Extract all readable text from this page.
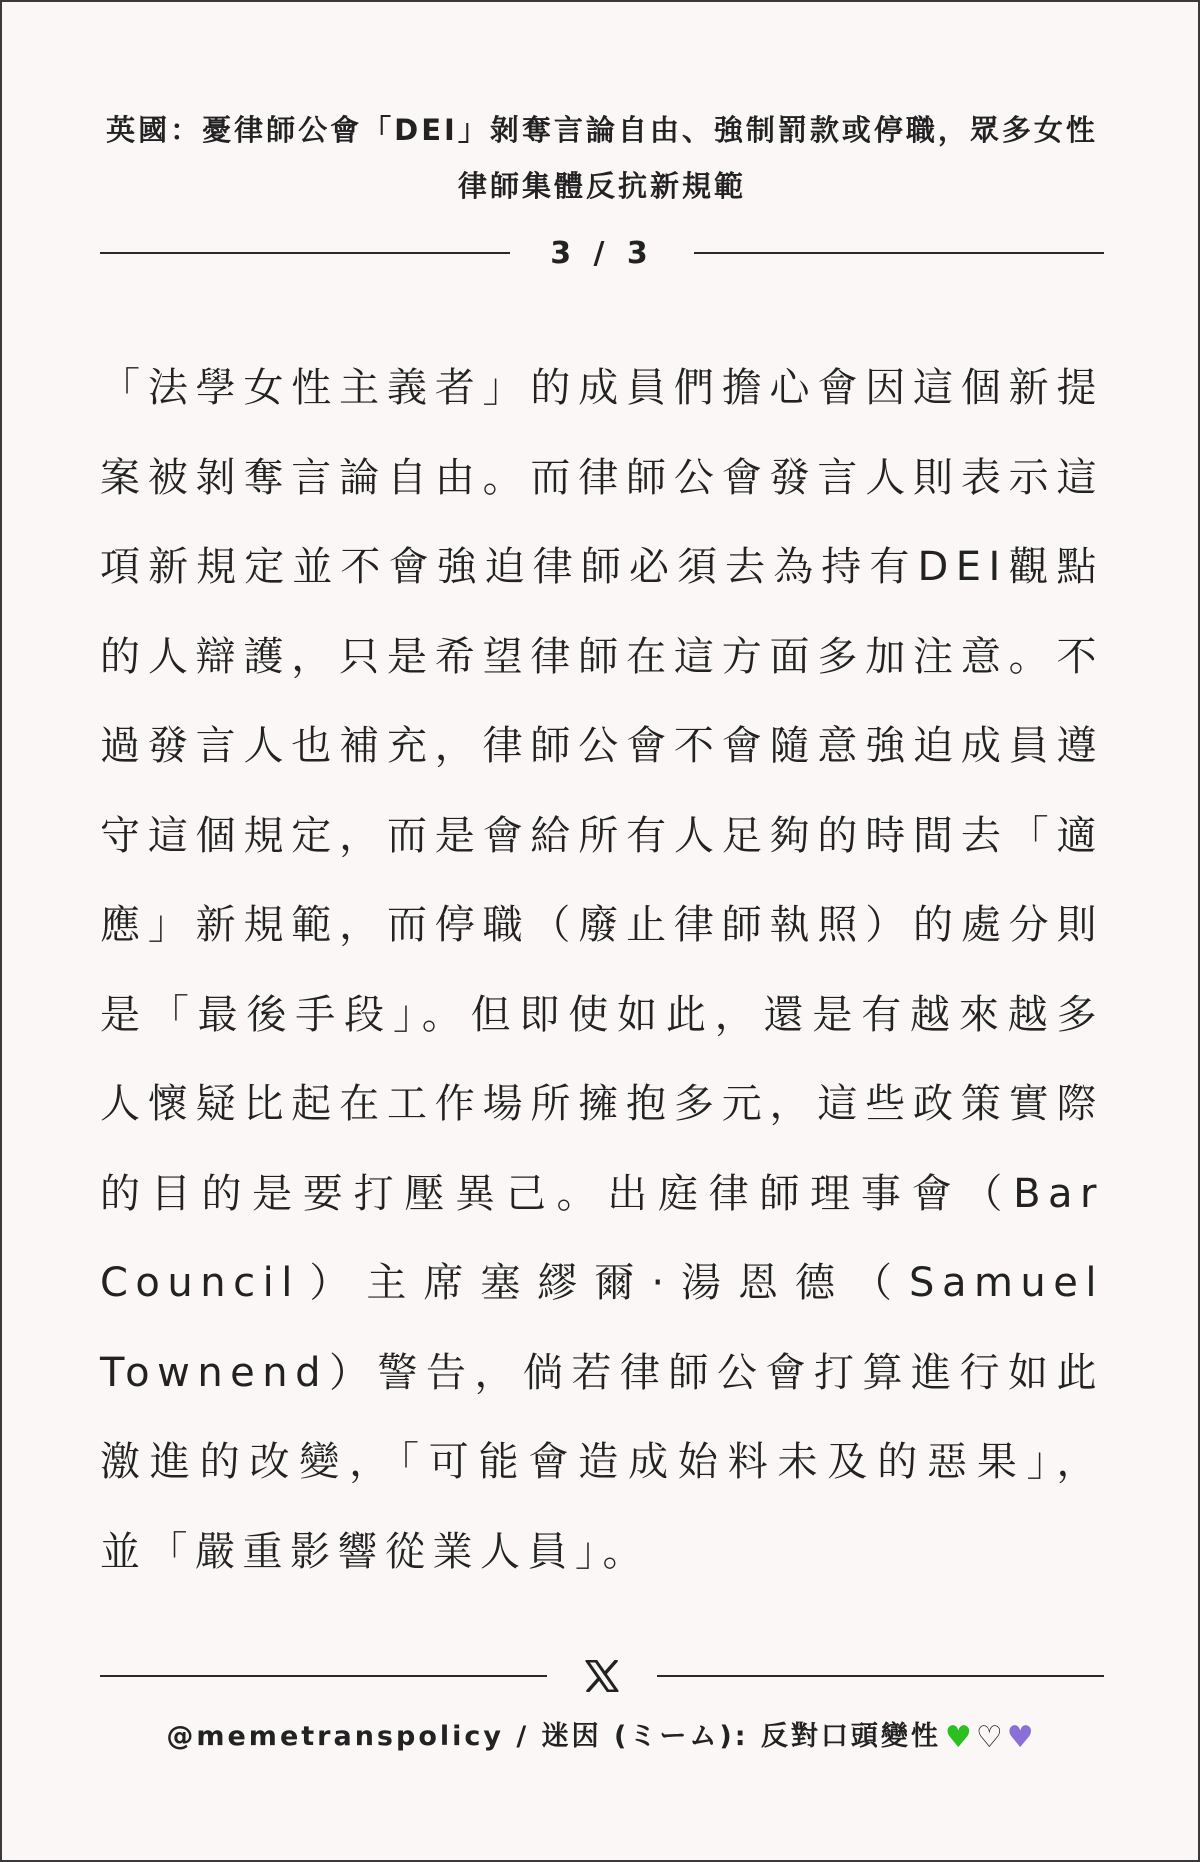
英國：憂律師公會「DEI」剝奪言論自由、強制罰款或停職，眾多女性律師集體反抗新規範
3 / 3
「法學女性主義者」的成員們擔心會因這個新提案被剝奪言論自由。而律師公會發言人則表示這項新規定並不會強迫律師必須去為持有DEI觀點的人辯護，只是希望律師在這方面多加注意。不過發言人也補充，律師公會不會隨意強迫成員遵守這個規定，而是會給所有人足夠的時間去「適應」新規範，而停職（廢止律師執照）的處分則是「最後手段」。但即使如此，還是有越來越多人懷疑比起在工作場所擁抱多元，這些政策實際的目的是要打壓異己。出庭律師理事會（Bar Council）主席塞繆爾·湯恩德（Samuel Townend）警告，倘若律師公會打算進行如此激進的改變，「可能會造成始料未及的惡果」，並「嚴重影響從業人員」。
@memetranspolicy / 迷因 (ミーム): 反對口頭變性 ♥ ♡ ♥
